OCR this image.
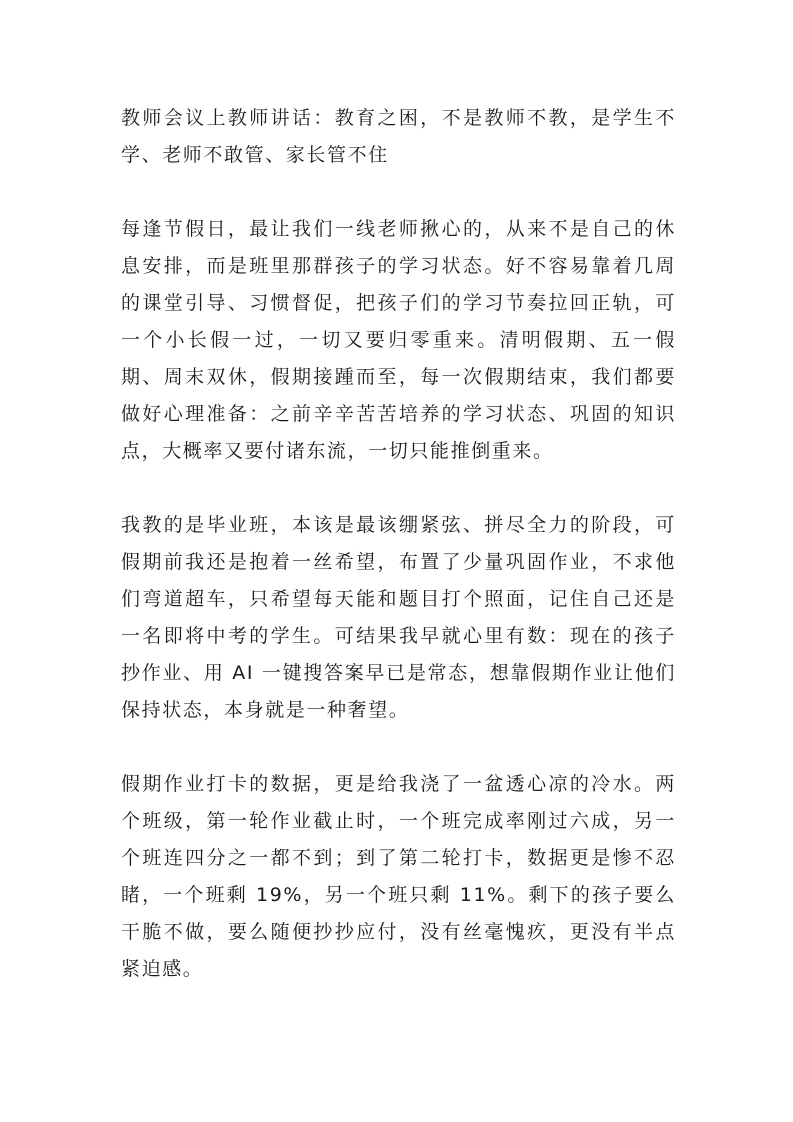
教师会议上教师讲话：教育之困，不是教师不教，是学生不学、老师不敢管、家长管不住

每逢节假日，最让我们一线老师揪心的，从来不是自己的休息安排，而是班里那群孩子的学习状态。好不容易靠着几周的课堂引导、习惯督促，把孩子们的学习节奏拉回正轨，可一个小长假一过，一切又要归零重来。清明假期、五一假期、周末双休，假期接踵而至，每一次假期结束，我们都要做好心理准备：之前辛辛苦苦培养的学习状态、巩固的知识点，大概率又要付诸东流，一切只能推倒重来。

我教的是毕业班，本该是最该绷紧弦、拼尽全力的阶段，可假期前我还是抱着一丝希望，布置了少量巩固作业，不求他们弯道超车，只希望每天能和题目打个照面，记住自己还是一名即将中考的学生。可结果我早就心里有数：现在的孩子抄作业、用 AI 一键搜答案早已是常态，想靠假期作业让他们保持状态，本身就是一种奢望。

假期作业打卡的数据，更是给我浇了一盆透心凉的冷水。两个班级，第一轮作业截止时，一个班完成率刚过六成，另一个班连四分之一都不到；到了第二轮打卡，数据更是惨不忍睹，一个班剩 19%，另一个班只剩 11%。剩下的孩子要么干脆不做，要么随便抄抄应付，没有丝毫愧疚，更没有半点紧迫感。
